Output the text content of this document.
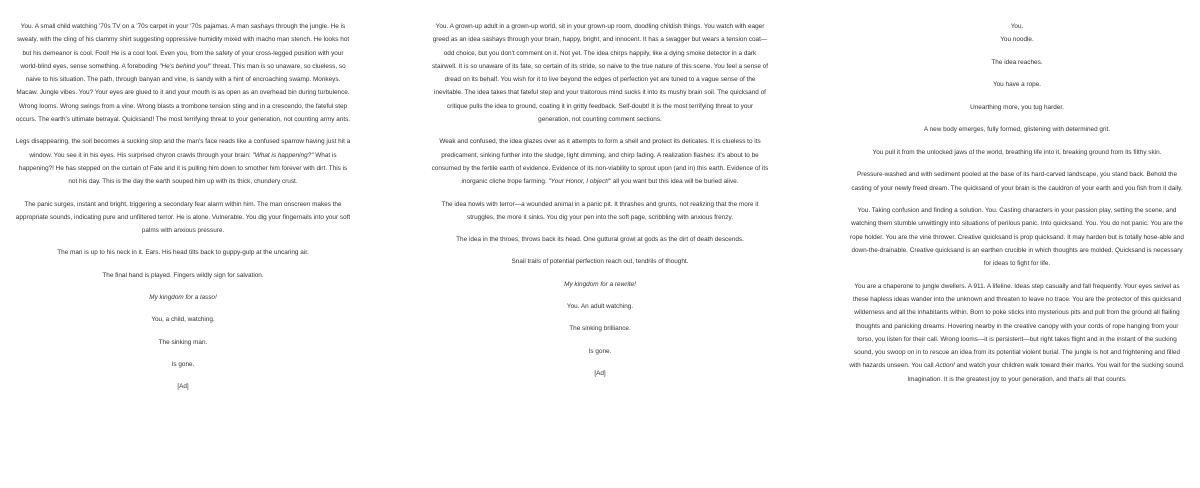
You. A small child watching '70s TV on a '70s carpet in your '70s pajamas. A man sashays through the jungle. He is sweaty, with the cling of his clammy shirt suggesting oppressive humidity mixed with macho man stench. He looks hot but his demeanor is cool. Fool! He is a cool fool. Even you, from the safety of your cross-legged position with your world-blind eyes, sense something. A foreboding "He's behind you!" threat. This man is so unaware, so clueless, so naive to his situation. The path, through banyan and vine, is sandy with a hint of encroaching swamp. Monkeys. Macaw. Jungle vibes. You? Your eyes are glued to it and your mouth is as open as an overhead bin during turbulence. Wrong looms. Wrong swings from a vine. Wrong blasts a trombone tension sting and in a crescendo, the fateful step occurs. The earth's ultimate betrayal. Quicksand! The most terrifying threat to your generation, not counting army ants.

Legs disappearing, the soil becomes a sucking slop and the man's face reads like a confused sparrow having just hit a window. You see it in his eyes. His surprised chyron crawls through your brain: "What is happening?" What is happening?! He has stepped on the curtain of Fate and it is pulling him down to smother him forever with dirt. This is not his day. This is the day the earth souped him up with its thick, chundery crust.

The panic surges, instant and bright, triggering a secondary fear alarm within him. The man onscreen makes the appropriate sounds, indicating pure and unfiltered terror. He is alone. Vulnerable. You dig your fingernails into your soft palms with anxious pressure.

The man is up to his neck in it. Ears. His head tilts back to guppy-gulp at the uncaring air.

The final hand is played. Fingers wildly sign for salvation.

My kingdom for a lasso!

You, a child, watching.

The sinking man.

Is gone.

[Ad]

You. A grown-up adult in a grown-up world, sit in your grown-up room, doodling childish things. You watch with eager greed as an idea sashays through your brain, happy, bright, and innocent. It has a swagger but wears a tension coat—odd choice, but you don't comment on it. Not yet. The idea chirps happily, like a dying smoke detector in a dark stairwell. It is so unaware of its fate, so certain of its stride, so naive to the true nature of this scene. You feel a sense of dread on its behalf. You wish for it to live beyond the edges of perfection yet are tuned to a vague sense of the inevitable. The idea takes that fateful step and your traitorous mind sucks it into its mushy brain soil. The quicksand of critique pulls the idea to ground, coating it in gritty feedback. Self-doubt! It is the most terrifying threat to your generation, not counting comment sections.

Weak and confused, the idea glazes over as it attempts to form a shell and protect its delicates. It is clueless to its predicament, sinking further into the sludge, light dimming, and chirp fading. A realization flashes: it's about to be consumed by the fertile earth of evidence. Evidence of its non-viability to sprout upon (and in) this earth. Evidence of its inorganic cliche trope farming. "Your Honor, I object!" all you want but this idea will be buried alive.

The idea howls with terror—a wounded animal in a panic pit. It thrashes and grunts, not realizing that the more it struggles, the more it sinks. You dig your pen into the soft page, scribbling with anxious frenzy.

The idea in the throes, throws back its head. One guttural growl at gods as the dirt of death descends.

Snail trails of potential perfection reach out, tendrils of thought.

My kingdom for a rewrite!

You. An adult watching.

The sinking brilliance.

Is gone.

[Ad]

You.
You noodle.

The idea reaches.

You have a rope.

Unearthing more, you tug harder.

A new body emerges, fully formed, glistening with determined grit.

You pull it from the unlocked jaws of the world, breathing life into it, breaking ground from its filthy skin.

Pressure-washed and with sediment pooled at the base of its hard-carved landscape, you stand back. Behold the casting of your newly freed dream. The quicksand of your brain is the cauldron of your earth and you fish from it daily.

You. Taking confusion and finding a solution. You. Casting characters in your passion play, setting the scene, and watching them stumble unwittingly into situations of perilous panic. Into quicksand. You. You do not panic. You are the rope holder. You are the vine thrower. Creative quicksand is prop quicksand. It may harden but is totally hose-able and down-the-drainable. Creative quicksand is an earthen crucible in which thoughts are molded. Quicksand is necessary for ideas to fight for life.

You are a chaperone to jungle dwellers. A 911. A lifeline. Ideas step casually and fall frequently. Your eyes swivel as these hapless ideas wander into the unknown and threaten to leave no trace. You are the protector of this quicksand wilderness and all the inhabitants within. Born to poke sticks into mysterious pits and pull from the ground all flailing thoughts and panicking dreams. Hovering nearby in the creative canopy with your cords of rope hanging from your torso, you listen for their call. Wrong looms—it is persistent—but right takes flight and in the instant of the sucking sound, you swoop on in to rescue an idea from its potential violent burial. The jungle is hot and frightening and filled with hazards unseen. You call Action! and watch your children walk toward their marks. You wait for the sucking sound. Imagination. It is the greatest joy to your generation, and that's all that counts.
